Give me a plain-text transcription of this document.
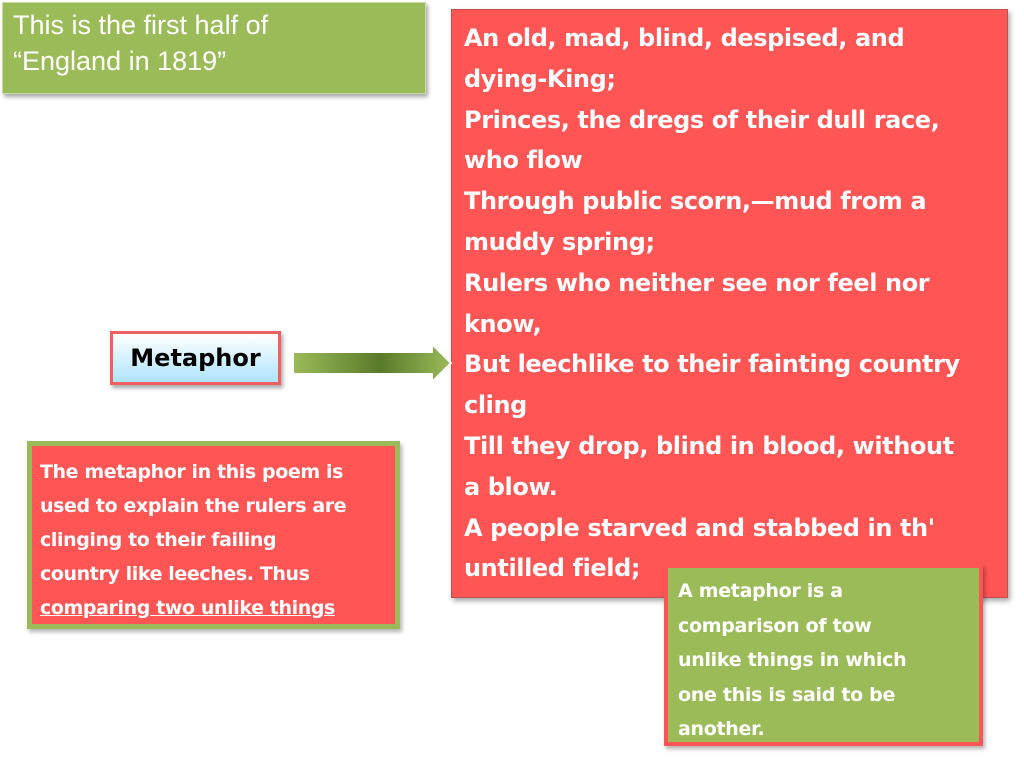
This is the first half of
“England in 1819”
An old, mad, blind, despised, and
dying-King;
Princes, the dregs of their dull race,
who flow
Through public scorn,—mud from a
muddy spring;
Rulers who neither see nor feel nor
know,
But leechlike to their fainting country
cling
Till they drop, blind in blood, without
a blow.
A people starved and stabbed in th'
untilled field;
Metaphor
The metaphor in this poem is
used to explain the rulers are
clinging to their failing
country like leeches. Thus
comparing two unlike things
A metaphor is a
comparison of tow
unlike things in which
one this is said to be
another.
